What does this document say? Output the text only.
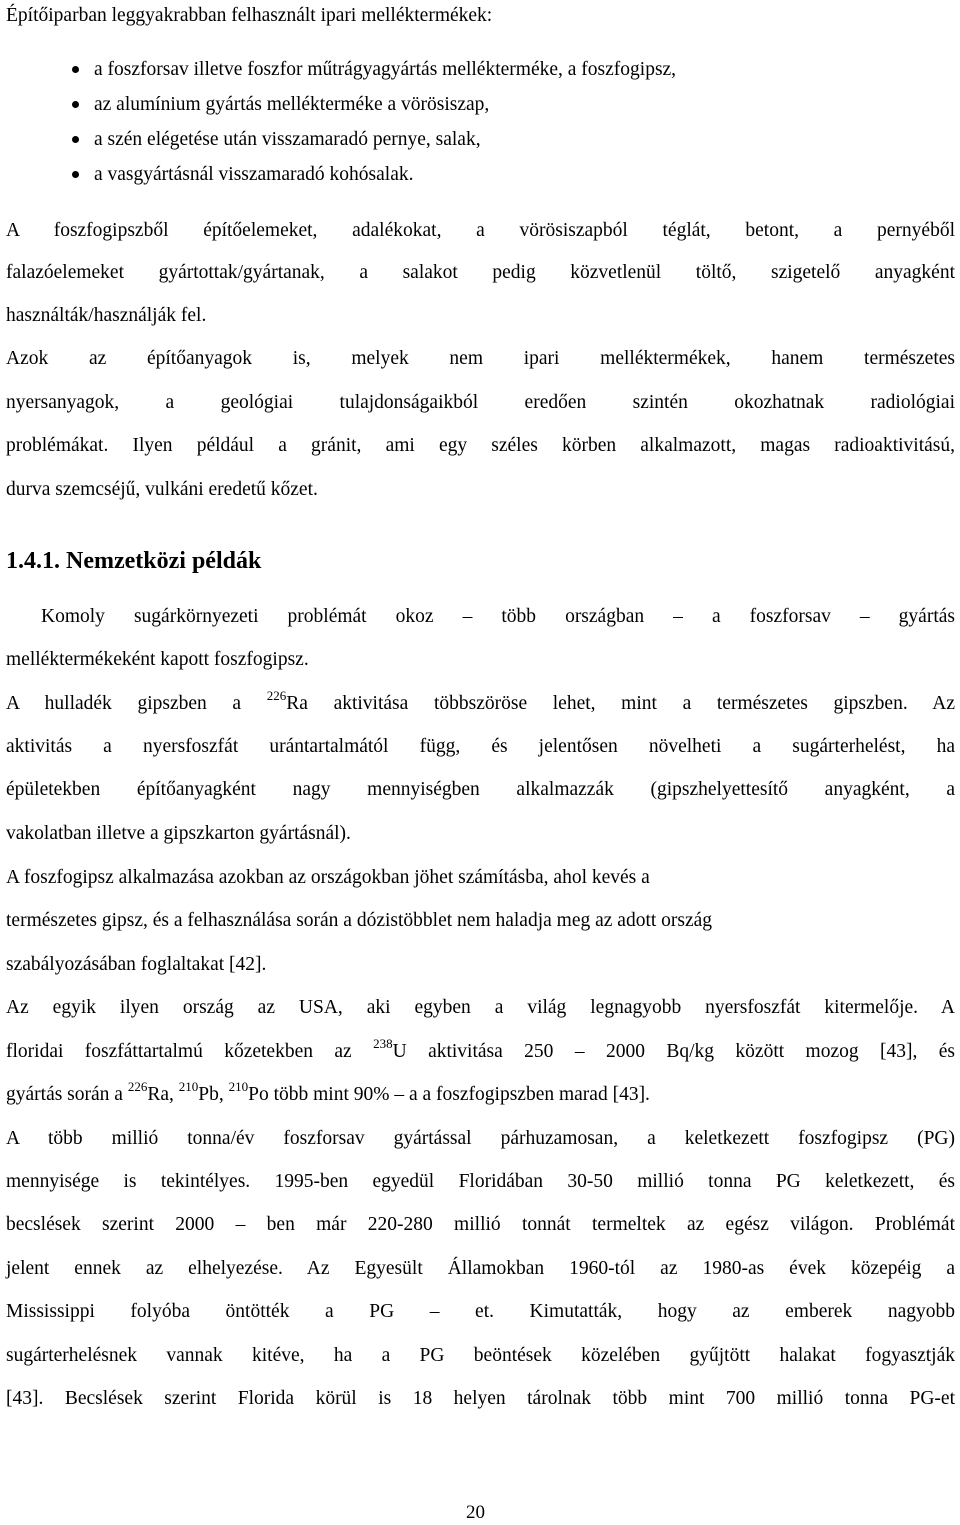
Építőiparban leggyakrabban felhasznált ipari melléktermékek:
a foszforsav illetve foszfor műtrágyagyártás mellékterméke, a foszfogipsz,
az alumínium gyártás mellékterméke a vörösiszap,
a szén elégetése után visszamaradó pernye, salak,
a vasgyártásnál visszamaradó kohósalak.
A foszfogipszből építőelemeket, adalékokat, a vörösiszapból téglát, betont, a pernyéből
falazóelemeket gyártottak/gyártanak, a salakot pedig közvetlenül töltő, szigetelő anyagként
használták/használják fel.
Azok az építőanyagok is, melyek nem ipari melléktermékek, hanem természetes
nyersanyagok, a geológiai tulajdonságaikból eredően szintén okozhatnak radiológiai
problémákat. Ilyen például a gránit, ami egy széles körben alkalmazott, magas radioaktivitású,
durva szemcséjű, vulkáni eredetű kőzet.
1.4.1. Nemzetközi példák
Komoly sugárkörnyezeti problémát okoz – több országban – a foszforsav – gyártás
melléktermékeként kapott foszfogipsz.
A hulladék gipszben a $^{226}$Ra aktivitása többszöröse lehet, mint a természetes gipszben. Az
aktivitás a nyersfoszfát urántartalmától függ, és jelentősen növelheti a sugárterhelést, ha
épületekben építőanyagként nagy mennyiségben alkalmazzák (gipszhelyettesítő anyagként, a
vakolatban illetve a gipszkarton gyártásnál).
A foszfogipsz alkalmazása azokban az országokban jöhet számításba, ahol kevés a
természetes gipsz, és a felhasználása során a dózistöbblet nem haladja meg az adott ország
szabályozásában foglaltakat [42].
Az egyik ilyen ország az USA, aki egyben a világ legnagyobb nyersfoszfát kitermelője. A
floridai foszfáttartalmú kőzetekben az $^{238}$U aktivitása 250 – 2000 Bq/kg között mozog [43], és
gyártás során a $^{226}$Ra, $^{210}$Pb, $^{210}$Po több mint 90% – a a foszfogipszben marad [43].
A több millió tonna/év foszforsav gyártással párhuzamosan, a keletkezett foszfogipsz (PG)
mennyisége is tekintélyes. 1995-ben egyedül Floridában 30-50 millió tonna PG keletkezett, és
becslések szerint 2000 – ben már 220-280 millió tonnát termeltek az egész világon. Problémát
jelent ennek az elhelyezése. Az Egyesült Államokban 1960-tól az 1980-as évek közepéig a
Mississippi folyóba öntötték a PG – et. Kimutatták, hogy az emberek nagyobb
sugárterhelésnek vannak kitéve, ha a PG beöntések közelében gyűjtött halakat fogyasztják
[43]. Becslések szerint Florida körül is 18 helyen tárolnak több mint 700 millió tonna PG-et
20
